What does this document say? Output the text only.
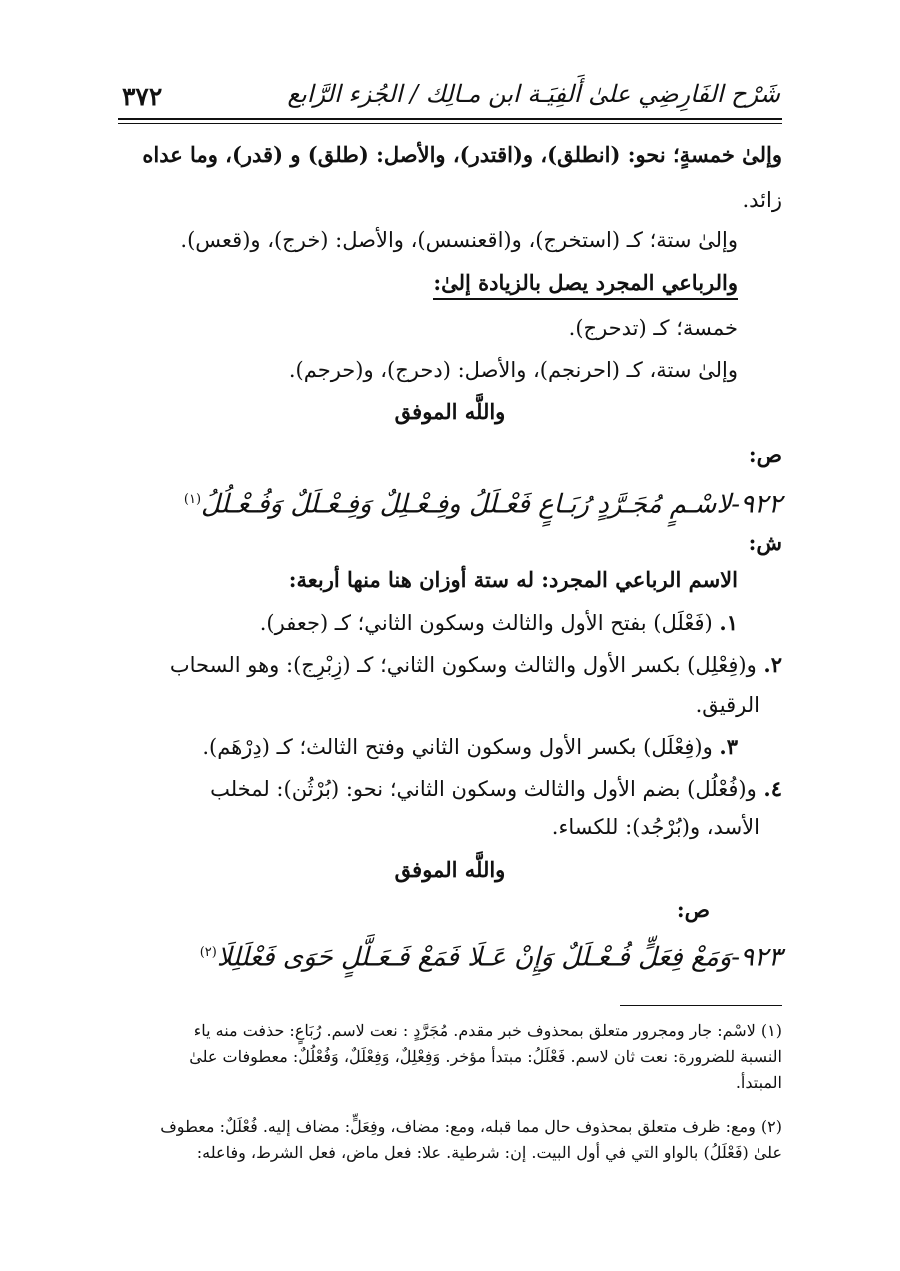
٣٧٢	شَرْح الفَارِضِي علىٰ أَلفِيَـة ابن مـالِك / الجُزء الرَّابع
وإلىٰ خمسةٍ؛ نحو: (انطلق)، و(اقتدر)، والأصل: (طلق) و (قدر)، وما عداه
زائد.
وإلىٰ ستة؛ كـ (استخرج)، و(اقعنسس)، والأصل: (خرج)، و(قعس).
والرباعي المجرد يصل بالزيادة إلىٰ:
خمسة؛ كـ (تدحرج).
وإلىٰ ستة، كـ (احرنجم)، والأصل: (دحرج)، و(حرجم).
واللَّه الموفق
ص:
٩٢٢-لاسْـمٍ مُجَـرَّدٍ رُبَـاعٍ فَعْـلَلُ وفِـعْـلِلٌ وَفِـعْـلَلٌ وَفُـعْـلُلُ$^{(١)}$
ش:
الاسم الرباعي المجرد: له ستة أوزان هنا منها أربعة:
١. (فَعْلَل) بفتح الأول والثالث وسكون الثاني؛ كـ (جعفر).
٢. و(فِعْلِل) بكسر الأول والثالث وسكون الثاني؛ كـ (زِبْرِج): وهو السحاب
الرقيق.
٣. و(فِعْلَل) بكسر الأول وسكون الثاني وفتح الثالث؛ كـ (دِرْهَم).
٤. و(فُعْلُل) بضم الأول والثالث وسكون الثاني؛ نحو: (بُرْثُن): لمخلب
الأسد، و(بُرْجُد): للكساء.
واللَّه الموفق
ص:
٩٢٣-وَمَعْ فِعَلٍّ فُـعْـلَلٌ وَإِنْ عَـلَا فَمَعْ فَـعَـلَّلٍ حَوَى فَعْلَلِلَا$^{(٢)}$
(١) لاسْم: جار ومجرور متعلق بمحذوف خبر مقدم. مُجَرَّدٍ : نعت لاسم. رُبَاعٍ: حذفت منه ياء
النسبة للضرورة: نعت ثان لاسم. فَعْلَلُ: مبتدأ مؤخر. وَفِعْلِلٌ، وَفِعْلَلٌ، وَفُعْلُلٌ: معطوفات علىٰ
المبتدأ.
(٢) ومع: ظرف متعلق بمحذوف حال مما قبله، ومع: مضاف، وفِعَلٍّ: مضاف إليه. فُعْلَلٌ: معطوف
علىٰ (فَعْلَلُ) بالواو التي في أول البيت. إن: شرطية. علا: فعل ماض، فعل الشرط، وفاعله:
